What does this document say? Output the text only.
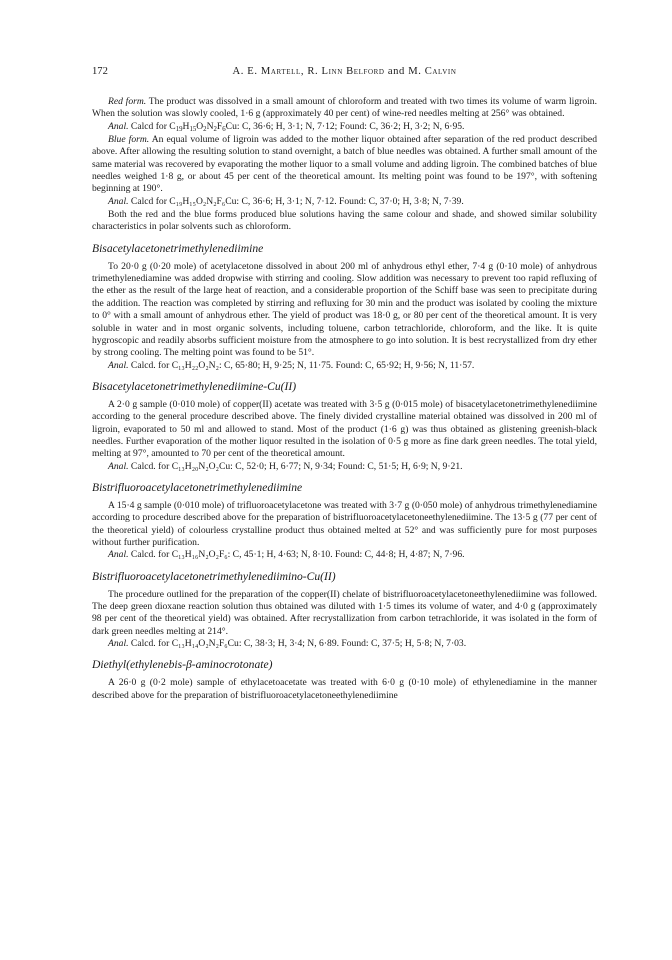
172	A. E. Martell, R. Linn Belford and M. Calvin

Red form. The product was dissolved in a small amount of chloroform and treated with two times its volume of warm ligroin. When the solution was slowly cooled, 1·6 g (approximately 40 per cent) of wine-red needles melting at 256° was obtained.

Anal. Calcd for $C_{19}H_{15}O_2N_2F_6Cu$: C, 36·6; H, 3·1; N, 7·12; Found: C, 36·2; H, 3·2; N, 6·95.

Blue form. An equal volume of ligroin was added to the mother liquor obtained after separation of the red product described above. After allowing the resulting solution to stand overnight, a batch of blue needles was obtained. A further small amount of the same material was recovered by evaporating the mother liquor to a small volume and adding ligroin. The combined batches of blue needles weighed 1·8 g, or about 45 per cent of the theoretical amount. Its melting point was found to be 197°, with softening beginning at 190°.

Anal. Calcd for C₁₉H₁₅O₂N₂F₆Cu: C, 36·6; H, 3·1; N, 7·12. Found: C, 37·0; H, 3·8; N, 7·39.

Both the red and the blue forms produced blue solutions having the same colour and shade, and showed similar solubility characteristics in polar solvents such as chloroform.

Bisacetylacetonetrimethylenediimine

To 20·0 g (0·20 mole) of acetylacetone dissolved in about 200 ml of anhydrous ethyl ether, 7·4 g (0·10 mole) of anhydrous trimethylenediamine was added dropwise with stirring and cooling. Slow addition was necessary to prevent too rapid refluxing of the ether as the result of the large heat of reaction, and a considerable proportion of the Schiff base was seen to precipitate during the addition. The reaction was completed by stirring and refluxing for 30 min and the product was isolated by cooling the mixture to 0° with a small amount of anhydrous ether. The yield of product was 18·0 g, or 80 per cent of the theoretical amount. It is very soluble in water and in most organic solvents, including toluene, carbon tetrachloride, chloroform, and the like. It is quite hygroscopic and readily absorbs sufficient moisture from the atmosphere to go into solution. It is best recrystallized from dry ether by strong cooling. The melting point was found to be 51°.

Anal. Calcd. for C₁₃H₂₂O₂N₂: C, 65·80; H, 9·25; N, 11·75. Found: C, 65·92; H, 9·56; N, 11·57.

Bisacetylacetonetrimethylenediimine-Cu(II)

A 2·0 g sample (0·010 mole) of copper(II) acetate was treated with 3·5 g (0·015 mole) of bisacetylacetonetrimethylenediimine according to the general procedure described above. The finely divided crystalline material obtained was dissolved in 200 ml of ligroin, evaporated to 50 ml and allowed to stand. Most of the product (1·6 g) was thus obtained as glistening greenish-black needles. Further evaporation of the mother liquor resulted in the isolation of 0·5 g more as fine dark green needles. The total yield, melting at 97°, amounted to 70 per cent of the theoretical amount.

Anal. Calcd. for C₁₃H₂₀N₂O₂Cu: C, 52·0; H, 6·77; N, 9·34; Found: C, 51·5; H, 6·9; N, 9·21.

Bistrifluoroacetylacetonetrimethylenediimine

A 15·4 g sample (0·010 mole) of trifluoroacetylacetone was treated with 3·7 g (0·050 mole) of anhydrous trimethylenediamine according to procedure described above for the preparation of bistrifluoroacetylacetoneethylenediimine. The 13·5 g (77 per cent of the theoretical yield) of colourless crystalline product thus obtained melted at 52° and was sufficiently pure for most purposes without further purification.

Anal. Calcd. for C₁₃H₁₆N₂O₂F₆: C, 45·1; H, 4·63; N, 8·10. Found: C, 44·8; H, 4·87; N, 7·96.

Bistrifluoroacetylacetonetrimethylenediimino-Cu(II)

The procedure outlined for the preparation of the copper(II) chelate of bistrifluoroacetylacetoneethylenediimine was followed. The deep green dioxane reaction solution thus obtained was diluted with 1·5 times its volume of water, and 4·0 g (approximately 98 per cent of the theoretical yield) was obtained. After recrystallization from carbon tetrachloride, it was isolated in the form of dark green needles melting at 214°.

Anal. Calcd. for C₁₃H₁₄O₂N₂F₆Cu: C, 38·3; H, 3·4; N, 6·89. Found: C, 37·5; H, 5·8; N, 7·03.

Diethyl(ethylenebis-β-aminocrotonate)

A 26·0 g (0·2 mole) sample of ethylacetoacetate was treated with 6·0 g (0·10 mole) of ethylenediamine in the manner described above for the preparation of bistrifluoroacetylacetoneethylenediimine
